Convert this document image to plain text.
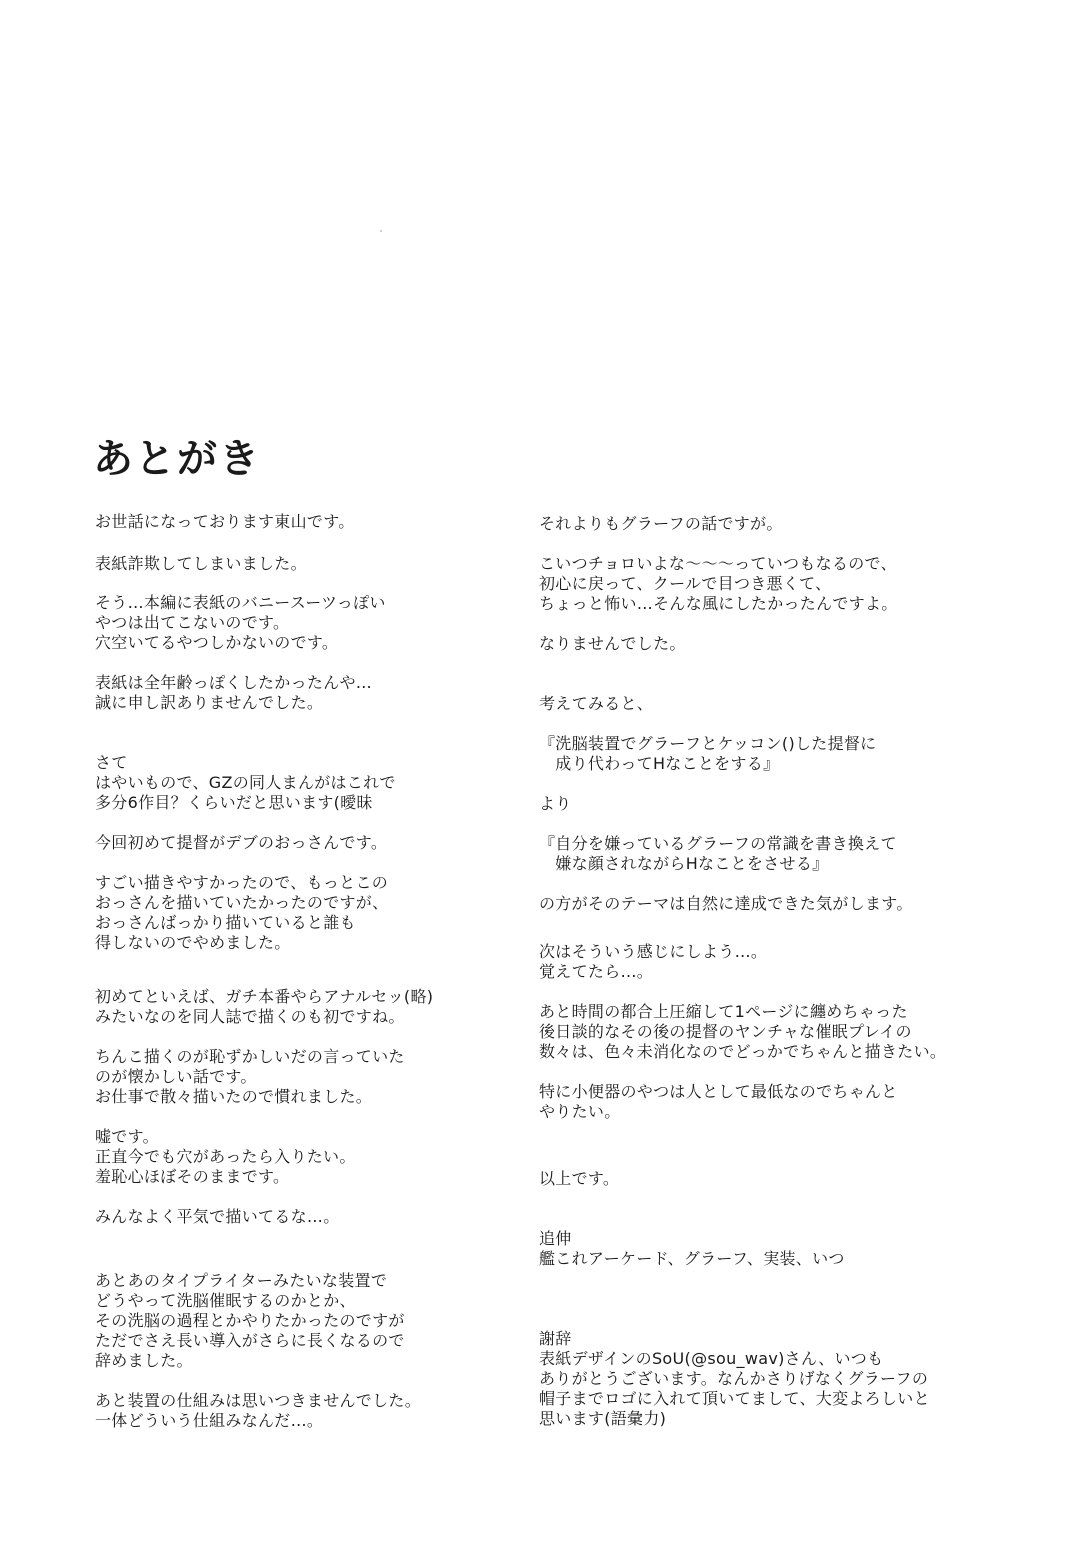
あとがき

お世話になっております東山です。

表紙詐欺してしまいました。

そう…本編に表紙のバニースーツっぽい

やつは出てこないのです。

穴空いてるやつしかないのです。

表紙は全年齢っぽくしたかったんや…

誠に申し訳ありませんでした。

さて

はやいもので、GZの同人まんがはこれで

多分6作目？くらいだと思います(曖昧

今回初めて提督がデブのおっさんです。

すごい描きやすかったので、もっとこの

おっさんを描いていたかったのですが、

おっさんばっかり描いていると誰も

得しないのでやめました。

初めてといえば、ガチ本番やらアナルセッ(略)

みたいなのを同人誌で描くのも初ですね。

ちんこ描くのが恥ずかしいだの言っていた

のが懐かしい話です。

お仕事で散々描いたので慣れました。

嘘です。

正直今でも穴があったら入りたい。

羞恥心ほぼそのままです。

みんなよく平気で描いてるな…。

あとあのタイプライターみたいな装置で

どうやって洗脳催眠するのかとか、

その洗脳の過程とかやりたかったのですが

ただでさえ長い導入がさらに長くなるので

辞めました。

あと装置の仕組みは思いつきませんでした。

一体どういう仕組みなんだ…。

それよりもグラーフの話ですが。

こいつチョロいよな～～～っていつもなるので、

初心に戻って、クールで目つき悪くて、

ちょっと怖い…そんな風にしたかったんですよ。

なりませんでした。

考えてみると、

『洗脳装置でグラーフとケッコン()した提督に

　成り代わってHなことをする』

より

『自分を嫌っているグラーフの常識を書き換えて

　嫌な顔されながらHなことをさせる』

の方がそのテーマは自然に達成できた気がします。

次はそういう感じにしよう…。

覚えてたら…。

あと時間の都合上圧縮して1ページに纏めちゃった

後日談的なその後の提督のヤンチャな催眠プレイの

数々は、色々未消化なのでどっかでちゃんと描きたい。

特に小便器のやつは人として最低なのでちゃんと

やりたい。

以上です。

追伸

艦これアーケード、グラーフ、実装、いつ

謝辞

表紙デザインのSoU(@sou_wav)さん、いつも

ありがとうございます。なんかさりげなくグラーフの

帽子までロゴに入れて頂いてまして、大変よろしいと

思います(語彙力)
